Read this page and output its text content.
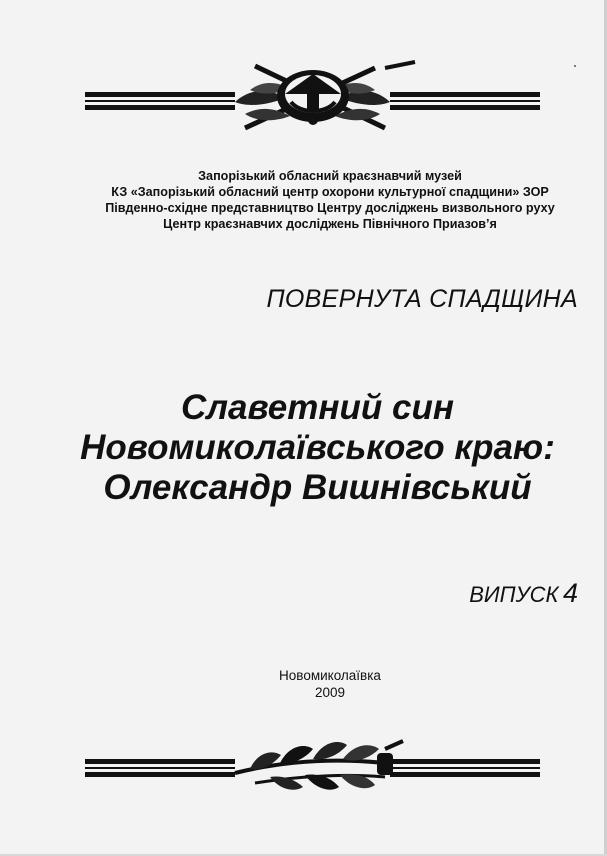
Запорізький обласний краєзнавчий музей
КЗ «Запорізький обласний центр охорони культурної спадщини» ЗОР
Південно-східне представництво Центру досліджень визвольного руху
Центр краєзнавчих досліджень Північного Приазов’я
ПОВЕРНУТА СПАДЩИНА
Славетний син
Новомиколаївського краю:
Олександр Вишнівський
ВИПУСК 4
Новомиколаївка
2009
